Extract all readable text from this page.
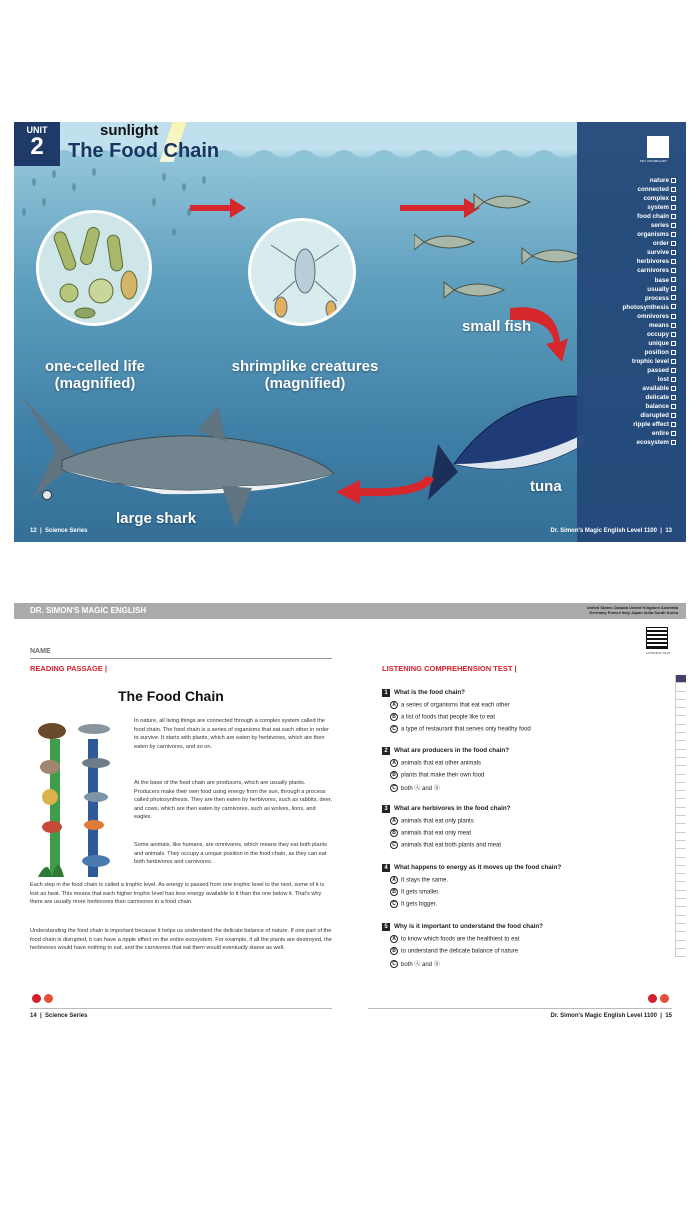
UNIT
2
sunlight
The Food Chain
one-celled life
(magnified)
shrimplike creatures
(magnified)
small fish
tuna
large shark
KEY VOCABULARY
nature
connected
complex
system
food chain
series
organisms
order
survive
herbivores
carnivores
base
usually
process
photosynthesis
omnivores
means
occupy
unique
position
trophic level
passed
lost
available
delicate
balance
disrupted
ripple effect
entire
ecosystem
12  |  Science Series	Dr. Simon's Magic English Level 1100  |  13
© Encyclopaedia
DR. SIMON'S MAGIC ENGLISH	United States Canada United Kingdom Australia
Germany France Italy Japan India South Korea
LISTENING TEST
NAME
READING PASSAGE |
The Food Chain
In nature, all living things are connected through a complex system called the food chain. The food chain is a series of organisms that eat each other in order to survive. It starts with plants, which are eaten by herbivores, which are then eaten by carnivores, and so on.
At the base of the food chain are producers, which are usually plants. Producers make their own food using energy from the sun, through a process called photosynthesis. They are then eaten by herbivores, such as rabbits, deer, and cows, which are then eaten by carnivores, such as wolves, lions, and eagles.
Some animals, like humans, are omnivores, which means they eat both plants and animals. They occupy a unique position in the food chain, as they can eat both herbivores and carnivores.
Each step in the food chain is called a trophic level. As energy is passed from one trophic level to the next, some of it is lost as heat. This means that each higher trophic level has less energy available to it than the one below it. That's why there are usually more herbivores than carnivores in a food chain.
Understanding the food chain is important because it helps us understand the delicate balance of nature. If one part of the food chain is disrupted, it can have a ripple effect on the entire ecosystem. For example, if all the plants are destroyed, the herbivores would have nothing to eat, and the carnivores that eat them would eventually starve as well.
LISTENING COMPREHENSION TEST |
1 What is the food chain?
A a series of organisms that eat each other
B a list of foods that people like to eat
C a type of restaurant that serves only healthy food
2 What are producers in the food chain?
A animals that eat other animals
B plants that make their own food
C both Ⓐ and Ⓑ
3 What are herbivores in the food chain?
A animals that eat only plants
B animals that eat only meat
C animals that eat both plants and meat
4 What happens to energy as it moves up the food chain?
A It stays the same.
B It gets smaller.
C It gets bigger.
5 Why is it important to understand the food chain?
A to know which foods are the healthiest to eat
B to understand the delicate balance of nature
C both Ⓐ and Ⓑ
14  |  Science Series	Dr. Simon's Magic English Level 1100  |  15
